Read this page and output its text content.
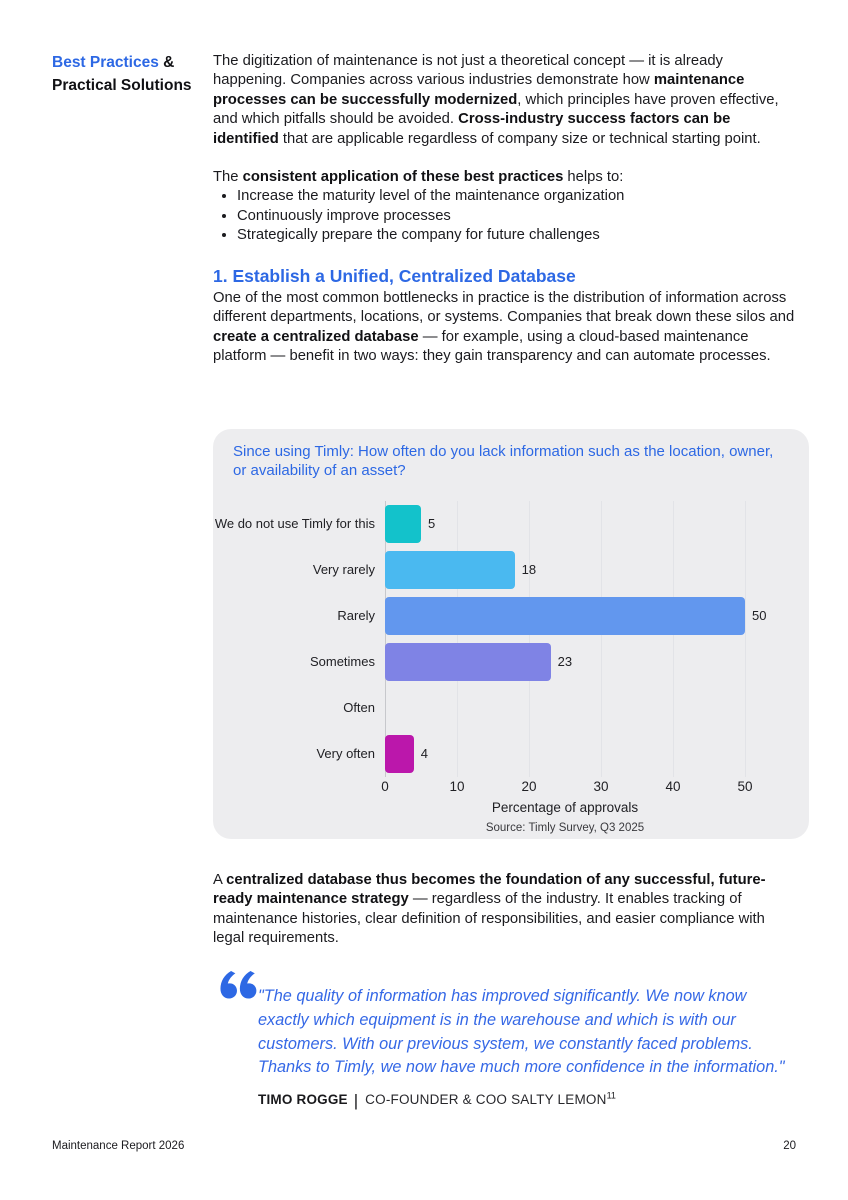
Best Practices &
Practical Solutions

The digitization of maintenance is not just a theoretical concept — it is already happening. Companies across various industries demonstrate how maintenance processes can be successfully modernized, which principles have proven effective, and which pitfalls should be avoided. Cross-industry success factors can be identified that are applicable regardless of company size or technical starting point.

The consistent application of these best practices helps to:

• Increase the maturity level of the maintenance organization
• Continuously improve processes
• Strategically prepare the company for future challenges
1. Establish a Unified, Centralized Database

One of the most common bottlenecks in practice is the distribution of information across different departments, locations, or systems. Companies that break down these silos and create a centralized database — for example, using a cloud-based maintenance platform — benefit in two ways: they gain transparency and can automate processes.

Since using Timly: How often do you lack information such as the location, owner, or availability of an asset?
We do not use Timly for this	5
Very rarely	18
Rarely	50
Sometimes	23
Often
Very often	4
0	10	20	30	40	50
Percentage of approvals
Source: Timly Survey, Q3 2025

A centralized database thus becomes the foundation of any successful, future-ready maintenance strategy — regardless of the industry. It enables tracking of maintenance histories, clear definition of responsibilities, and easier compliance with legal requirements.

"The quality of information has improved significantly. We now know exactly which equipment is in the warehouse and which is with our customers. With our previous system, we constantly faced problems. Thanks to Timly, we now have much more confidence in the information."
TIMO ROGGE | CO-FOUNDER & COO SALTY LEMON$^{11}$
Maintenance Report 2026	20
